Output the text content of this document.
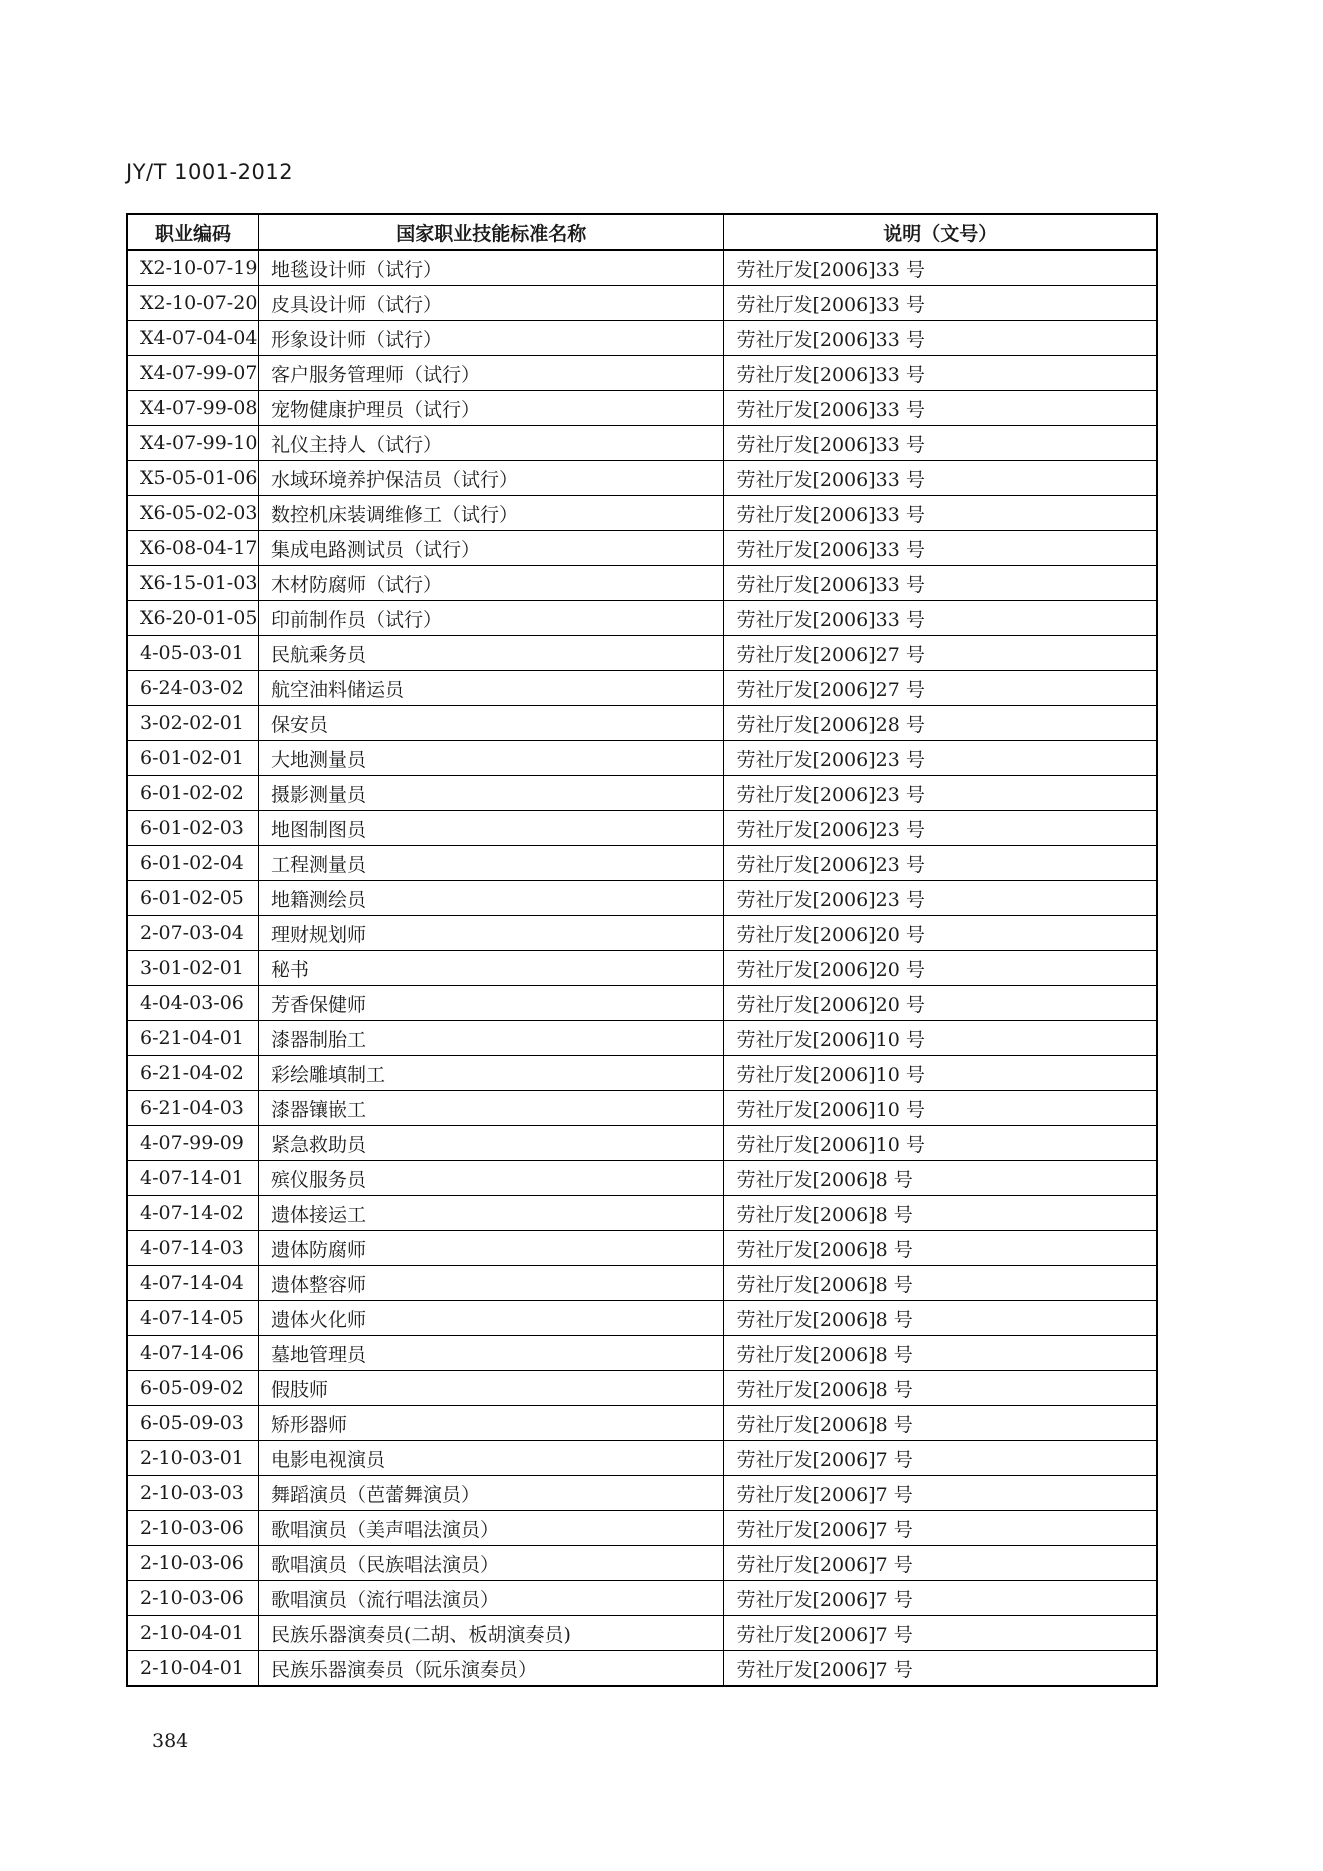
JY/T 1001-2012
职业编码	国家职业技能标准名称	说明（文号）
X2-10-07-19	地毯设计师（试行）	劳社厅发[2006]33 号
X2-10-07-20	皮具设计师（试行）	劳社厅发[2006]33 号
X4-07-04-04	形象设计师（试行）	劳社厅发[2006]33 号
X4-07-99-07	客户服务管理师（试行）	劳社厅发[2006]33 号
X4-07-99-08	宠物健康护理员（试行）	劳社厅发[2006]33 号
X4-07-99-10	礼仪主持人（试行）	劳社厅发[2006]33 号
X5-05-01-06	水域环境养护保洁员（试行）	劳社厅发[2006]33 号
X6-05-02-03	数控机床装调维修工（试行）	劳社厅发[2006]33 号
X6-08-04-17	集成电路测试员（试行）	劳社厅发[2006]33 号
X6-15-01-03	木材防腐师（试行）	劳社厅发[2006]33 号
X6-20-01-05	印前制作员（试行）	劳社厅发[2006]33 号
4-05-03-01	民航乘务员	劳社厅发[2006]27 号
6-24-03-02	航空油料储运员	劳社厅发[2006]27 号
3-02-02-01	保安员	劳社厅发[2006]28 号
6-01-02-01	大地测量员	劳社厅发[2006]23 号
6-01-02-02	摄影测量员	劳社厅发[2006]23 号
6-01-02-03	地图制图员	劳社厅发[2006]23 号
6-01-02-04	工程测量员	劳社厅发[2006]23 号
6-01-02-05	地籍测绘员	劳社厅发[2006]23 号
2-07-03-04	理财规划师	劳社厅发[2006]20 号
3-01-02-01	秘书	劳社厅发[2006]20 号
4-04-03-06	芳香保健师	劳社厅发[2006]20 号
6-21-04-01	漆器制胎工	劳社厅发[2006]10 号
6-21-04-02	彩绘雕填制工	劳社厅发[2006]10 号
6-21-04-03	漆器镶嵌工	劳社厅发[2006]10 号
4-07-99-09	紧急救助员	劳社厅发[2006]10 号
4-07-14-01	殡仪服务员	劳社厅发[2006]8 号
4-07-14-02	遗体接运工	劳社厅发[2006]8 号
4-07-14-03	遗体防腐师	劳社厅发[2006]8 号
4-07-14-04	遗体整容师	劳社厅发[2006]8 号
4-07-14-05	遗体火化师	劳社厅发[2006]8 号
4-07-14-06	墓地管理员	劳社厅发[2006]8 号
6-05-09-02	假肢师	劳社厅发[2006]8 号
6-05-09-03	矫形器师	劳社厅发[2006]8 号
2-10-03-01	电影电视演员	劳社厅发[2006]7 号
2-10-03-03	舞蹈演员（芭蕾舞演员）	劳社厅发[2006]7 号
2-10-03-06	歌唱演员（美声唱法演员）	劳社厅发[2006]7 号
2-10-03-06	歌唱演员（民族唱法演员）	劳社厅发[2006]7 号
2-10-03-06	歌唱演员（流行唱法演员）	劳社厅发[2006]7 号
2-10-04-01	民族乐器演奏员(二胡、板胡演奏员)	劳社厅发[2006]7 号
2-10-04-01	民族乐器演奏员（阮乐演奏员）	劳社厅发[2006]7 号
384
